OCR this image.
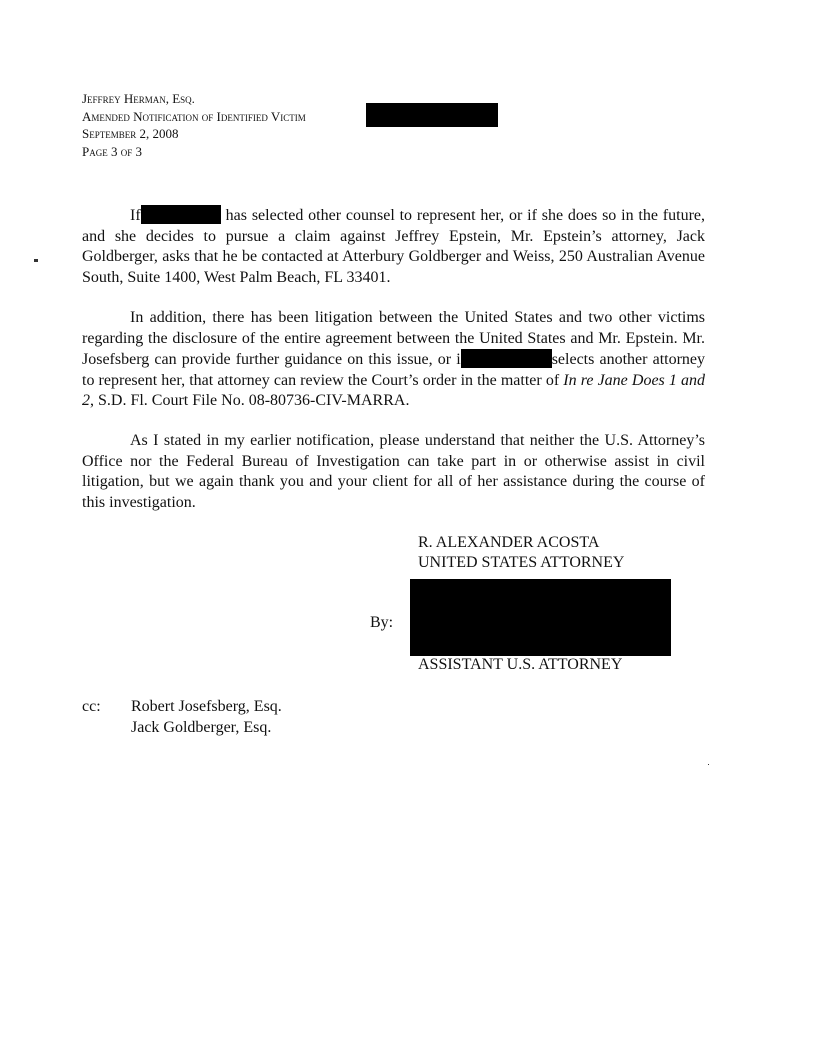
Jeffrey Herman, Esq.
Amended Notification of Identified Victim
September 2, 2008
Page 3 of 3
If	has selected other counsel to represent her, or if she does so in the future, and she decides to pursue a claim against Jeffrey Epstein, Mr. Epstein’s attorney, Jack Goldberger, asks that he be contacted at Atterbury Goldberger and Weiss, 250 Australian Avenue South, Suite 1400, West Palm Beach, FL 33401.
In addition, there has been litigation between the United States and two other victims regarding the disclosure of the entire agreement between the United States and Mr. Epstein. Mr. Josefsberg can provide further guidance on this issue, or i	selects another attorney to represent her, that attorney can review the Court’s order in the matter of In re Jane Does 1 and 2, S.D. Fl. Court File No. 08-80736-CIV-MARRA.
As I stated in my earlier notification, please understand that neither the U.S. Attorney’s Office nor the Federal Bureau of Investigation can take part in or otherwise assist in civil litigation, but we again thank you and your client for all of her assistance during the course of this investigation.
R. ALEXANDER ACOSTA
UNITED STATES ATTORNEY
By:
ASSISTANT U.S. ATTORNEY
cc: Robert Josefsberg, Esq.
Jack Goldberger, Esq.
